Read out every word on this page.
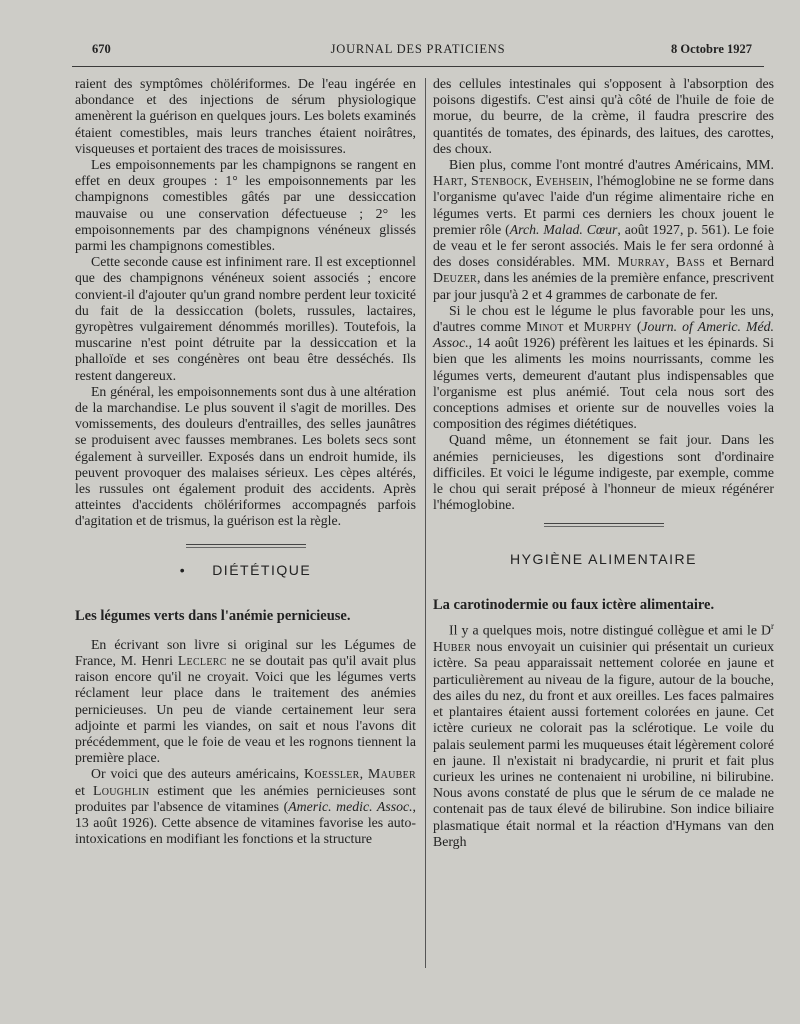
670	JOURNAL DES PRATICIENS	8 Octobre 1927

raient des symptômes chölériformes. De l'eau ingérée en abondance et des injections de sérum physiologique amenèrent la guérison en quelques jours. Les bolets examinés étaient comestibles, mais leurs tranches étaient noirâtres, visqueuses et portaient des traces de moisissures.

Les empoisonnements par les champignons se rangent en effet en deux groupes : 1° les empoisonnements par les champignons comestibles gâtés par une dessiccation mauvaise ou une conservation défectueuse ; 2° les empoisonnements par des champignons vénéneux glissés parmi les champignons comestibles.

Cette seconde cause est infiniment rare. Il est exceptionnel que des champignons vénéneux soient associés ; encore convient-il d'ajouter qu'un grand nombre perdent leur toxicité du fait de la dessiccation (bolets, russules, lactaires, gyropètres vulgairement dénommés morilles). Toutefois, la muscarine n'est point détruite par la dessiccation et la phalloïde et ses congénères ont beau être desséchés. Ils restent dangereux.

En général, les empoisonnements sont dus à une altération de la marchandise. Le plus souvent il s'agit de morilles. Des vomissements, des douleurs d'entrailles, des selles jaunâtres se produisent avec fausses membranes. Les bolets secs sont également à surveiller. Exposés dans un endroit humide, ils peuvent provoquer des malaises sérieux. Les cèpes altérés, les russules ont également produit des accidents. Après atteintes d'accidents chölériformes accompagnés parfois d'agitation et de trismus, la guérison est la règle.

• DIÉTÉTIQUE
Les légumes verts dans l'anémie pernicieuse.

En écrivant son livre si original sur les Légumes de France, M. Henri Leclerc ne se doutait pas qu'il avait plus raison encore qu'il ne croyait. Voici que les légumes verts réclament leur place dans le traitement des anémies pernicieuses. Un peu de viande certainement leur sera adjointe et parmi les viandes, on sait et nous l'avons dit précédemment, que le foie de veau et les rognons tiennent la première place.

Or voici que des auteurs américains, Koessler, Mauber et Loughlin estiment que les anémies pernicieuses sont produites par l'absence de vitamines (Americ. medic. Assoc., 13 août 1926). Cette absence de vitamines favorise les auto-intoxications en modifiant les fonctions et la structure

des cellules intestinales qui s'opposent à l'absorption des poisons digestifs. C'est ainsi qu'à côté de l'huile de foie de morue, du beurre, de la crème, il faudra prescrire des quantités de tomates, des épinards, des laitues, des carottes, des choux.

Bien plus, comme l'ont montré d'autres Américains, MM. Hart, Stenbock, Evehsein, l'hémoglobine ne se forme dans l'organisme qu'avec l'aide d'un régime alimentaire riche en légumes verts. Et parmi ces derniers les choux jouent le premier rôle (Arch. Malad. Cœur, août 1927, p. 561). Le foie de veau et le fer seront associés. Mais le fer sera ordonné à des doses considérables. MM. Murray, Bass et Bernard Deuzer, dans les anémies de la première enfance, prescrivent par jour jusqu'à 2 et 4 grammes de carbonate de fer.

Si le chou est le légume le plus favorable pour les uns, d'autres comme Minot et Murphy (Journ. of Americ. Méd. Assoc., 14 août 1926) préfèrent les laitues et les épinards. Si bien que les aliments les moins nourrissants, comme les légumes verts, demeurent d'autant plus indispensables que l'organisme est plus anémié. Tout cela nous sort des conceptions admises et oriente sur de nouvelles voies la composition des régimes diététiques.

Quand même, un étonnement se fait jour. Dans les anémies pernicieuses, les digestions sont d'ordinaire difficiles. Et voici le légume indigeste, par exemple, comme le chou qui serait préposé à l'honneur de mieux régénérer l'hémoglobine.

HYGIÈNE ALIMENTAIRE
La carotinodermie ou faux ictère alimentaire.

Il y a quelques mois, notre distingué collègue et ami le $D^r$ Huber nous envoyait un cuisinier qui présentait un curieux ictère. Sa peau apparaissait nettement colorée en jaune et particulièrement au niveau de la figure, autour de la bouche, des ailes du nez, du front et aux oreilles. Les faces palmaires et plantaires étaient aussi fortement colorées en jaune. Cet ictère curieux ne colorait pas la sclérotique. Le voile du palais seulement parmi les muqueuses était légèrement coloré en jaune. Il n'existait ni bradycardie, ni prurit et fait plus curieux les urines ne contenaient ni urobiline, ni bilirubine. Nous avons constaté de plus que le sérum de ce malade ne contenait pas de taux élevé de bilirubine. Son indice biliaire plasmatique était normal et la réaction d'Hymans van den Bergh
